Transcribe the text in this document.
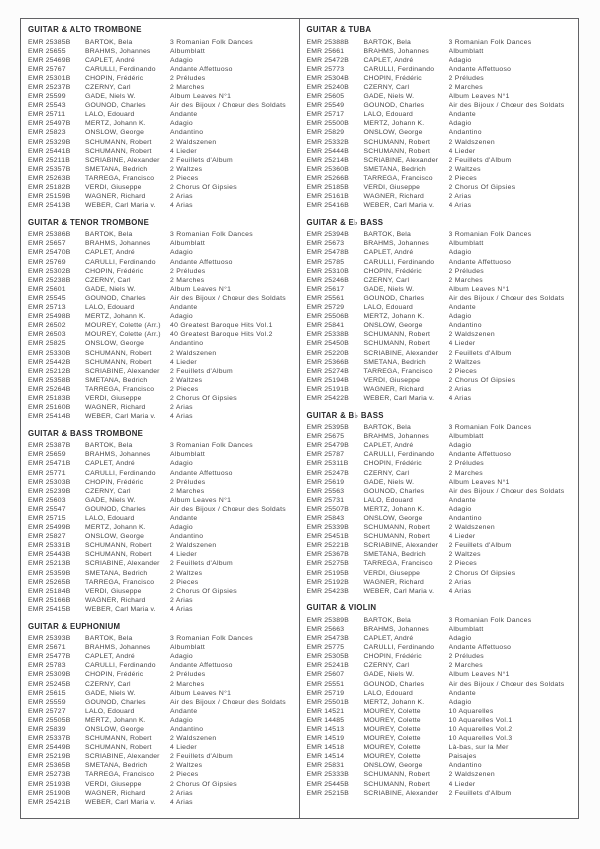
GUITAR & ALTO TROMBONE
EMR 25385B	BARTOK, Bela	3 Romanian Folk Dances
EMR 25655	BRAHMS, Johannes	Albumblatt
EMR 25469B	CAPLET, André	Adagio
EMR 25767	CARULLI, Ferdinando	Andante Affettuoso
EMR 25301B	CHOPIN, Frédéric	2 Préludes
EMR 25237B	CZERNY, Carl	2 Marches
EMR 25599	GADE, Niels W.	Album Leaves N°1
EMR 25543	GOUNOD, Charles	Air des Bijoux / Chœur des Soldats
EMR 25711	LALO, Edouard	Andante
EMR 25497B	MERTZ, Johann K.	Adagio
EMR 25823	ONSLOW, George	Andantino
EMR 25329B	SCHUMANN, Robert	2 Waldszenen
EMR 25441B	SCHUMANN, Robert	4 Lieder
EMR 25211B	SCRIABINE, Alexander	2 Feuillets d'Album
EMR 25357B	SMETANA, Bedrich	2 Waltzes
EMR 25263B	TARREGA, Francisco	2 Pieces
EMR 25182B	VERDI, Giuseppe	2 Chorus Of Gipsies
EMR 25159B	WAGNER, Richard	2 Arias
EMR 25413B	WEBER, Carl Maria v.	4 Arias
GUITAR & TENOR TROMBONE
EMR 25386B	BARTOK, Bela	3 Romanian Folk Dances
EMR 25657	BRAHMS, Johannes	Albumblatt
EMR 25470B	CAPLET, André	Adagio
EMR 25769	CARULLI, Ferdinando	Andante Affettuoso
EMR 25302B	CHOPIN, Frédéric	2 Préludes
EMR 25238B	CZERNY, Carl	2 Marches
EMR 25601	GADE, Niels W.	Album Leaves N°1
EMR 25545	GOUNOD, Charles	Air des Bijoux / Chœur des Soldats
EMR 25713	LALO, Edouard	Andante
EMR 25498B	MERTZ, Johann K.	Adagio
EMR 26502	MOUREY, Colette (Arr.)	40 Greatest Baroque Hits Vol.1
EMR 26503	MOUREY, Colette (Arr.)	40 Greatest Baroque Hits Vol.2
EMR 25825	ONSLOW, George	Andantino
EMR 25330B	SCHUMANN, Robert	2 Waldszenen
EMR 25442B	SCHUMANN, Robert	4 Lieder
EMR 25212B	SCRIABINE, Alexander	2 Feuillets d'Album
EMR 25358B	SMETANA, Bedrich	2 Waltzes
EMR 25264B	TARREGA, Francisco	2 Pieces
EMR 25183B	VERDI, Giuseppe	2 Chorus Of Gipsies
EMR 25160B	WAGNER, Richard	2 Arias
EMR 25414B	WEBER, Carl Maria v.	4 Arias
GUITAR & BASS TROMBONE
EMR 25387B	BARTOK, Bela	3 Romanian Folk Dances
EMR 25659	BRAHMS, Johannes	Albumblatt
EMR 25471B	CAPLET, André	Adagio
EMR 25771	CARULLI, Ferdinando	Andante Affettuoso
EMR 25303B	CHOPIN, Frédéric	2 Préludes
EMR 25239B	CZERNY, Carl	2 Marches
EMR 25603	GADE, Niels W.	Album Leaves N°1
EMR 25547	GOUNOD, Charles	Air des Bijoux / Chœur des Soldats
EMR 25715	LALO, Edouard	Andante
EMR 25499B	MERTZ, Johann K.	Adagio
EMR 25827	ONSLOW, George	Andantino
EMR 25331B	SCHUMANN, Robert	2 Waldszenen
EMR 25443B	SCHUMANN, Robert	4 Lieder
EMR 25213B	SCRIABINE, Alexander	2 Feuillets d'Album
EMR 25359B	SMETANA, Bedrich	2 Waltzes
EMR 25265B	TARREGA, Francisco	2 Pieces
EMR 25184B	VERDI, Giuseppe	2 Chorus Of Gipsies
EMR 25166B	WAGNER, Richard	2 Arias
EMR 25415B	WEBER, Carl Maria v.	4 Arias
GUITAR & EUPHONIUM
EMR 25393B	BARTOK, Bela	3 Romanian Folk Dances
EMR 25671	BRAHMS, Johannes	Albumblatt
EMR 25477B	CAPLET, André	Adagio
EMR 25783	CARULLI, Ferdinando	Andante Affettuoso
EMR 25309B	CHOPIN, Frédéric	2 Préludes
EMR 25245B	CZERNY, Carl	2 Marches
EMR 25615	GADE, Niels W.	Album Leaves N°1
EMR 25559	GOUNOD, Charles	Air des Bijoux / Chœur des Soldats
EMR 25727	LALO, Edouard	Andante
EMR 25505B	MERTZ, Johann K.	Adagio
EMR 25839	ONSLOW, George	Andantino
EMR 25337B	SCHUMANN, Robert	2 Waldszenen
EMR 25449B	SCHUMANN, Robert	4 Lieder
EMR 25219B	SCRIABINE, Alexander	2 Feuillets d'Album
EMR 25365B	SMETANA, Bedrich	2 Waltzes
EMR 25273B	TARREGA, Francisco	2 Pieces
EMR 25193B	VERDI, Giuseppe	2 Chorus Of Gipsies
EMR 25190B	WAGNER, Richard	2 Arias
EMR 25421B	WEBER, Carl Maria v.	4 Arias
GUITAR & TUBA
EMR 25388B	BARTOK, Bela	3 Romanian Folk Dances
EMR 25661	BRAHMS, Johannes	Albumblatt
EMR 25472B	CAPLET, André	Adagio
EMR 25773	CARULLI, Ferdinando	Andante Affettuoso
EMR 25304B	CHOPIN, Frédéric	2 Préludes
EMR 25240B	CZERNY, Carl	2 Marches
EMR 25605	GADE, Niels W.	Album Leaves N°1
EMR 25549	GOUNOD, Charles	Air des Bijoux / Chœur des Soldats
EMR 25717	LALO, Edouard	Andante
EMR 25500B	MERTZ, Johann K.	Adagio
EMR 25829	ONSLOW, George	Andantino
EMR 25332B	SCHUMANN, Robert	2 Waldszenen
EMR 25444B	SCHUMANN, Robert	4 Lieder
EMR 25214B	SCRIABINE, Alexander	2 Feuillets d'Album
EMR 25360B	SMETANA, Bedrich	2 Waltzes
EMR 25266B	TARREGA, Francisco	2 Pieces
EMR 25185B	VERDI, Giuseppe	2 Chorus Of Gipsies
EMR 25161B	WAGNER, Richard	2 Arias
EMR 25416B	WEBER, Carl Maria v.	4 Arias
GUITAR & E♭ BASS
EMR 25394B	BARTOK, Bela	3 Romanian Folk Dances
EMR 25673	BRAHMS, Johannes	Albumblatt
EMR 25478B	CAPLET, André	Adagio
EMR 25785	CARULLI, Ferdinando	Andante Affettuoso
EMR 25310B	CHOPIN, Frédéric	2 Préludes
EMR 25246B	CZERNY, Carl	2 Marches
EMR 25617	GADE, Niels W.	Album Leaves N°1
EMR 25561	GOUNOD, Charles	Air des Bijoux / Chœur des Soldats
EMR 25729	LALO, Edouard	Andante
EMR 25506B	MERTZ, Johann K.	Adagio
EMR 25841	ONSLOW, George	Andantino
EMR 25338B	SCHUMANN, Robert	2 Waldszenen
EMR 25450B	SCHUMANN, Robert	4 Lieder
EMR 25220B	SCRIABINE, Alexander	2 Feuillets d'Album
EMR 25366B	SMETANA, Bedrich	2 Waltzes
EMR 25274B	TARREGA, Francisco	2 Pieces
EMR 25194B	VERDI, Giuseppe	2 Chorus Of Gipsies
EMR 25191B	WAGNER, Richard	2 Arias
EMR 25422B	WEBER, Carl Maria v.	4 Arias
GUITAR & B♭ BASS
EMR 25395B	BARTOK, Bela	3 Romanian Folk Dances
EMR 25675	BRAHMS, Johannes	Albumblatt
EMR 25479B	CAPLET, André	Adagio
EMR 25787	CARULLI, Ferdinando	Andante Affettuoso
EMR 25311B	CHOPIN, Frédéric	2 Préludes
EMR 25247B	CZERNY, Carl	2 Marches
EMR 25619	GADE, Niels W.	Album Leaves N°1
EMR 25563	GOUNOD, Charles	Air des Bijoux / Chœur des Soldats
EMR 25731	LALO, Edouard	Andante
EMR 25507B	MERTZ, Johann K.	Adagio
EMR 25843	ONSLOW, George	Andantino
EMR 25339B	SCHUMANN, Robert	2 Waldszenen
EMR 25451B	SCHUMANN, Robert	4 Lieder
EMR 25221B	SCRIABINE, Alexander	2 Feuillets d'Album
EMR 25367B	SMETANA, Bedrich	2 Waltzes
EMR 25275B	TARREGA, Francisco	2 Pieces
EMR 25195B	VERDI, Giuseppe	2 Chorus Of Gipsies
EMR 25192B	WAGNER, Richard	2 Arias
EMR 25423B	WEBER, Carl Maria v.	4 Arias
GUITAR & VIOLIN
EMR 25389B	BARTOK, Bela	3 Romanian Folk Dances
EMR 25663	BRAHMS, Johannes	Albumblatt
EMR 25473B	CAPLET, André	Adagio
EMR 25775	CARULLI, Ferdinando	Andante Affettuoso
EMR 25305B	CHOPIN, Frédéric	2 Préludes
EMR 25241B	CZERNY, Carl	2 Marches
EMR 25607	GADE, Niels W.	Album Leaves N°1
EMR 25551	GOUNOD, Charles	Air des Bijoux / Chœur des Soldats
EMR 25719	LALO, Edouard	Andante
EMR 25501B	MERTZ, Johann K.	Adagio
EMR 14521	MOUREY, Colette	10 Aquarelles
EMR 14485	MOUREY, Colette	10 Aquarelles Vol.1
EMR 14513	MOUREY, Colette	10 Aquarelles Vol.2
EMR 14519	MOUREY, Colette	10 Aquarelles Vol.3
EMR 14518	MOUREY, Colette	Là-bas, sur la Mer
EMR 14514	MOUREY, Colette	Paisajes
EMR 25831	ONSLOW, George	Andantino
EMR 25333B	SCHUMANN, Robert	2 Waldszenen
EMR 25445B	SCHUMANN, Robert	4 Lieder
EMR 25215B	SCRIABINE, Alexander	2 Feuillets d'Album
